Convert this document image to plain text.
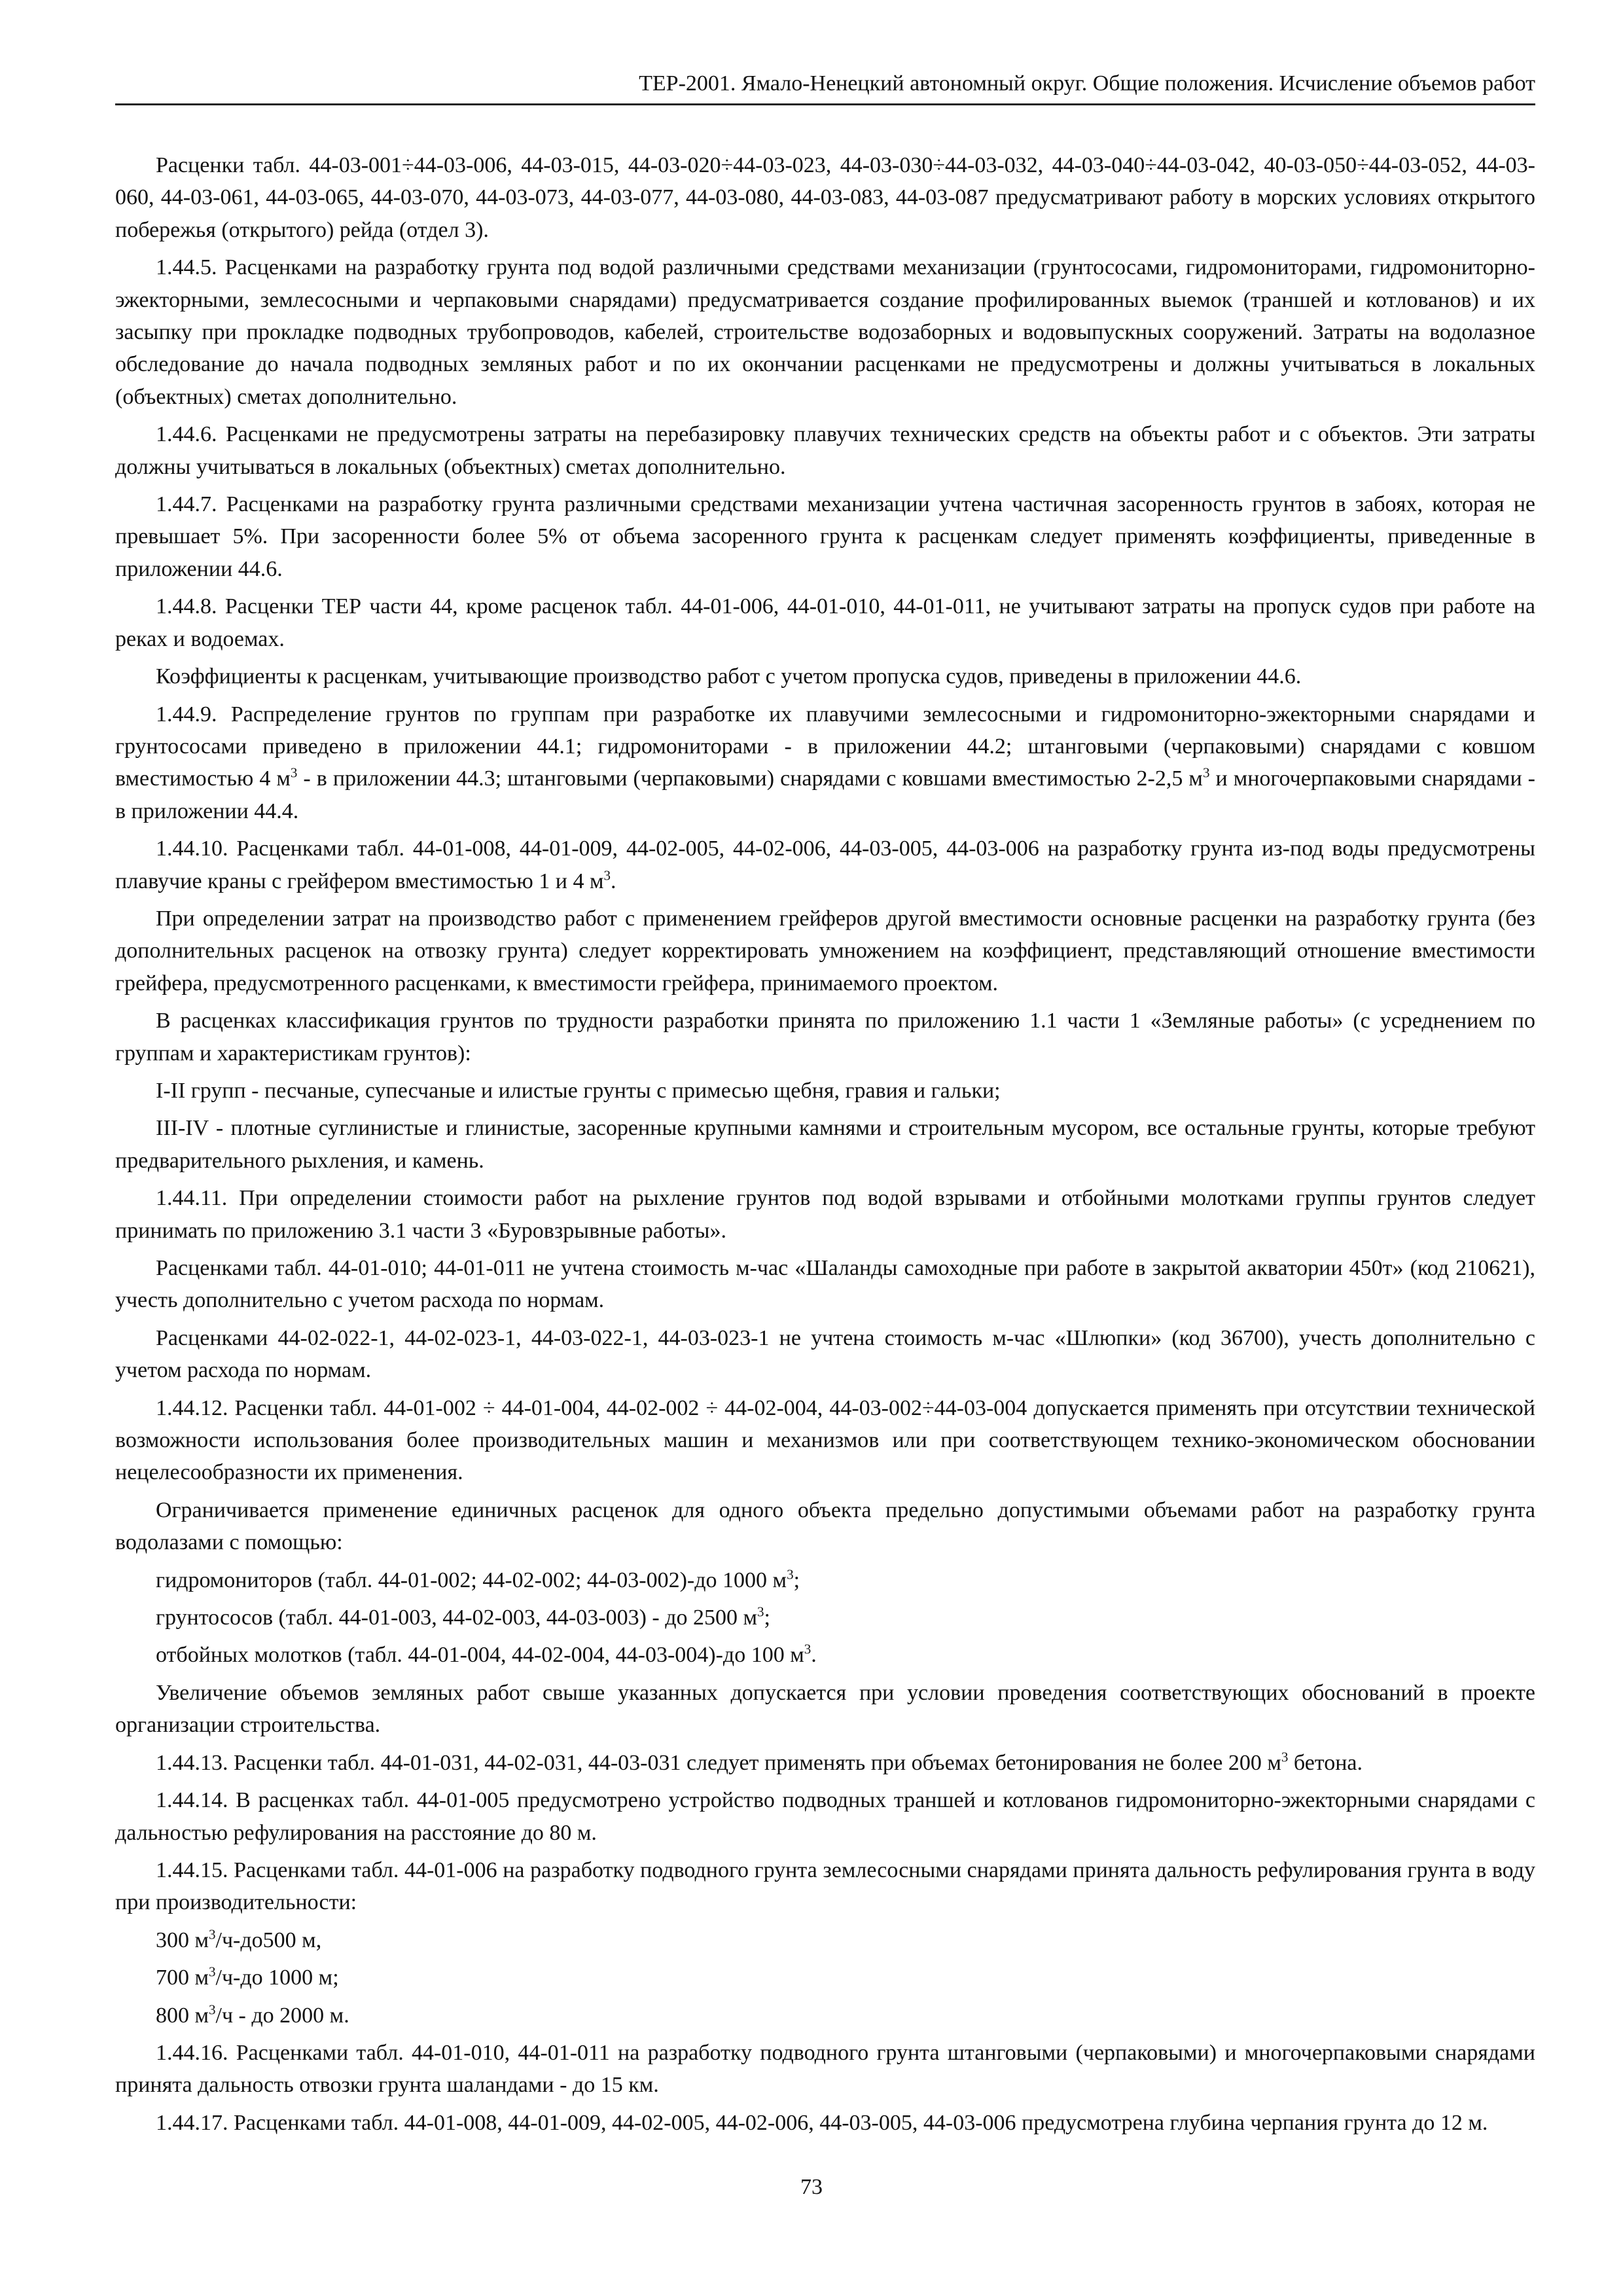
ТЕР-2001. Ямало-Ненецкий автономный округ. Общие положения. Исчисление объемов работ

Расценки табл. 44-03-001÷44-03-006, 44-03-015, 44-03-020÷44-03-023, 44-03-030÷44-03-032, 44-03-040÷44-03-042, 40-03-050÷44-03-052, 44-03-060, 44-03-061, 44-03-065, 44-03-070, 44-03-073, 44-03-077, 44-03-080, 44-03-083, 44-03-087 предусматривают работу в морских условиях открытого побережья (открытого) рейда (отдел 3).

1.44.5. Расценками на разработку грунта под водой различными средствами механизации (грунтососами, гидромониторами, гидромониторно-эжекторными, землесосными и черпаковыми снарядами) предусматривается создание профилированных выемок (траншей и котлованов) и их засыпку при прокладке подводных трубопроводов, кабелей, строительстве водозаборных и водовыпускных сооружений. Затраты на водолазное обследование до начала подводных земляных работ и по их окончании расценками не предусмотрены и должны учитываться в локальных (объектных) сметах дополнительно.

1.44.6. Расценками не предусмотрены затраты на перебазировку плавучих технических средств на объекты работ и с объектов. Эти затраты должны учитываться в локальных (объектных) сметах дополнительно.

1.44.7. Расценками на разработку грунта различными средствами механизации учтена частичная засоренность грунтов в забоях, которая не превышает 5%. При засоренности более 5% от объема засоренного грунта к расценкам следует применять коэффициенты, приведенные в приложении 44.6.

1.44.8. Расценки ТЕР части 44, кроме расценок табл. 44-01-006, 44-01-010, 44-01-011, не учитывают затраты на пропуск судов при работе на реках и водоемах.

Коэффициенты к расценкам, учитывающие производство работ с учетом пропуска судов, приведены в приложении 44.6.

1.44.9. Распределение грунтов по группам при разработке их плавучими землесосными и гидромониторно-эжекторными снарядами и грунтососами приведено в приложении 44.1; гидромониторами - в приложении 44.2; штанговыми (черпаковыми) снарядами с ковшом вместимостью 4 $м^3$ - в приложении 44.3; штанговыми (черпаковыми) снарядами с ковшами вместимостью 2-2,5 $м^3$ и многочерпаковыми снарядами - в приложении 44.4.

1.44.10. Расценками табл. 44-01-008, 44-01-009, 44-02-005, 44-02-006, 44-03-005, 44-03-006 на разработку грунта из-под воды предусмотрены плавучие краны с грейфером вместимостью 1 и 4 $м^3$.

При определении затрат на производство работ с применением грейферов другой вместимости основные расценки на разработку грунта (без дополнительных расценок на отвозку грунта) следует корректировать умножением на коэффициент, представляющий отношение вместимости грейфера, предусмотренного расценками, к вместимости грейфера, принимаемого проектом.

В расценках классификация грунтов по трудности разработки принята по приложению 1.1 части 1 «Земляные работы» (с усреднением по группам и характеристикам грунтов):

I-II групп - песчаные, супесчаные и илистые грунты с примесью щебня, гравия и гальки;

III-IV - плотные суглинистые и глинистые, засоренные крупными камнями и строительным мусором, все остальные грунты, которые требуют предварительного рыхления, и камень.

1.44.11. При определении стоимости работ на рыхление грунтов под водой взрывами и отбойными молотками группы грунтов следует принимать по приложению 3.1 части 3 «Буровзрывные работы».

Расценками табл. 44-01-010; 44-01-011 не учтена стоимость м-час «Шаланды самоходные при работе в закрытой акватории 450т» (код 210621), учесть дополнительно с учетом расхода по нормам.

Расценками 44-02-022-1, 44-02-023-1, 44-03-022-1, 44-03-023-1 не учтена стоимость м-час «Шлюпки» (код 36700), учесть дополнительно с учетом расхода по нормам.

1.44.12. Расценки табл. 44-01-002 ÷ 44-01-004, 44-02-002 ÷ 44-02-004, 44-03-002÷44-03-004 допускается применять при отсутствии технической возможности использования более производительных машин и механизмов или при соответствующем технико-экономическом обосновании нецелесообразности их применения.

Ограничивается применение единичных расценок для одного объекта предельно допустимыми объемами работ на разработку грунта водолазами с помощью:

гидромониторов (табл. 44-01-002; 44-02-002; 44-03-002)-до 1000 $м^3$;

грунтососов (табл. 44-01-003, 44-02-003, 44-03-003) - до 2500 $м^3$;

отбойных молотков (табл. 44-01-004, 44-02-004, 44-03-004)-до 100 $м^3$.

Увеличение объемов земляных работ свыше указанных допускается при условии проведения соответствующих обоснований в проекте организации строительства.

1.44.13. Расценки табл. 44-01-031, 44-02-031, 44-03-031 следует применять при объемах бетонирования не более 200 $м^3$ бетона.

1.44.14. В расценках табл. 44-01-005 предусмотрено устройство подводных траншей и котлованов гидромониторно-эжекторными снарядами с дальностью рефулирования на расстояние до 80 м.

1.44.15. Расценками табл. 44-01-006 на разработку подводного грунта землесосными снарядами принята дальность рефулирования грунта в воду при производительности:

300 $м^3/ч-до500$ м,

700 $м^3/ч-до$ 1000 м;

800 $м^3/ч$ - до 2000 м.

1.44.16. Расценками табл. 44-01-010, 44-01-011 на разработку подводного грунта штанговыми (черпаковыми) и многочерпаковыми снарядами принята дальность отвозки грунта шаландами - до 15 км.

1.44.17. Расценками табл. 44-01-008, 44-01-009, 44-02-005, 44-02-006, 44-03-005, 44-03-006 предусмотрена глубина черпания грунта до 12 м.

73
